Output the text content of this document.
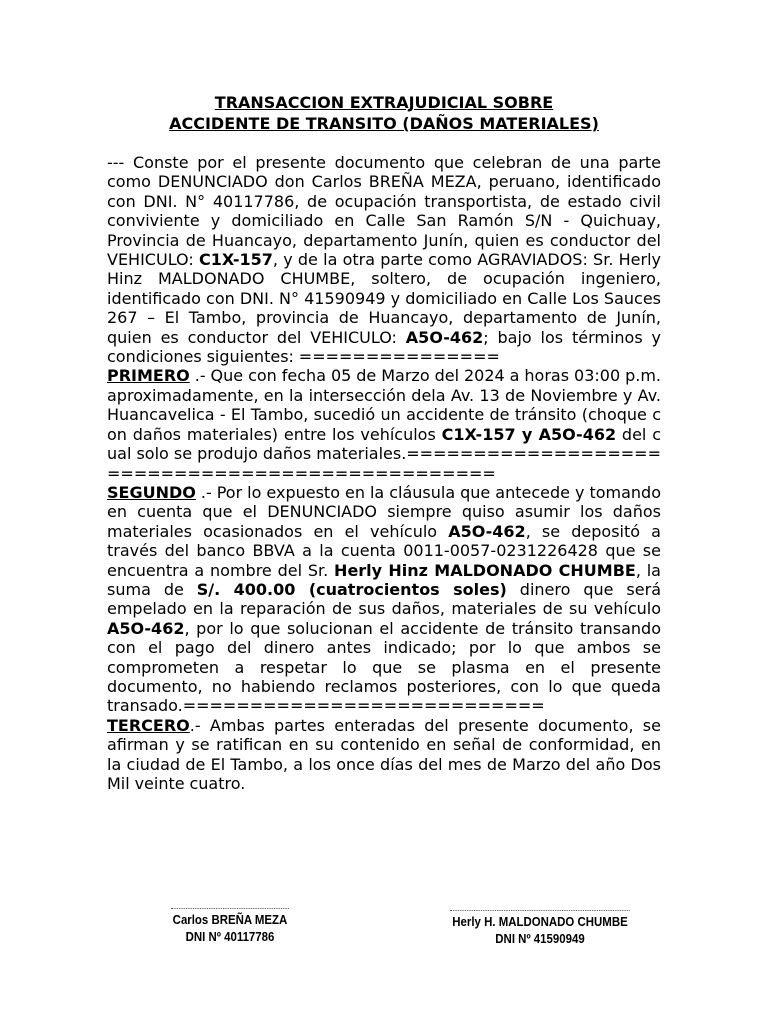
TRANSACCION EXTRAJUDICIAL SOBRE
ACCIDENTE DE TRANSITO (DAÑOS MATERIALES)

--- Conste por el presente documento que celebran de una parte como DENUNCIADO don Carlos BREÑA MEZA, peruano, identificado con DNI. N° 40117786, de ocupación transportista, de estado civil conviviente y domiciliado en Calle San Ramón S/N - Quichuay, Provincia de Huancayo, departamento Junín, quien es conductor del VEHICULO: C1X-157, y de la otra parte como AGRAVIADOS: Sr. Herly Hinz MALDONADO CHUMBE, soltero, de ocupación ingeniero, identificado con DNI. N° 41590949 y domiciliado en Calle Los Sauces 267 – El Tambo, provincia de Huancayo, departamento de Junín, quien es conductor del VEHICULO: A5O-462; bajo los términos y condiciones siguientes: ===============

PRIMERO .- Que con fecha 05 de Marzo del 2024 a horas 03:00 p.m. aproximadamente, en la intersección dela Av. 13 de Noviembre y Av. Huancavelica - El Tambo, sucedió un accidente de tránsito (choque con daños materiales) entre los vehículos C1X-157 y A5O-462 del cual solo se produjo daños materiales.================================================

SEGUNDO .- Por lo expuesto en la cláusula que antecede y tomando en cuenta que el DENUNCIADO siempre quiso asumir los daños materiales ocasionados en el vehículo A5O-462, se depositó a través del banco BBVA a la cuenta 0011-0057-0231226428 que se encuentra a nombre del Sr. Herly Hinz MALDONADO CHUMBE, la suma de S/. 400.00 (cuatrocientos soles) dinero que será empelado en la reparación de sus daños, materiales de su vehículo A5O-462, por lo que solucionan el accidente de tránsito transando con el pago del dinero antes indicado; por lo que ambos se comprometen a respetar lo que se plasma en el presente documento, no habiendo reclamos posteriores, con lo que queda transado.===========================

TERCERO.- Ambas partes enteradas del presente documento, se afirman y se ratifican en su contenido en señal de conformidad, en la ciudad de El Tambo, a los once días del mes de Marzo del año Dos Mil veinte cuatro.

Carlos BREÑA MEZA
DNI Nº 40117786
Herly H. MALDONADO CHUMBE
DNI Nº 41590949
